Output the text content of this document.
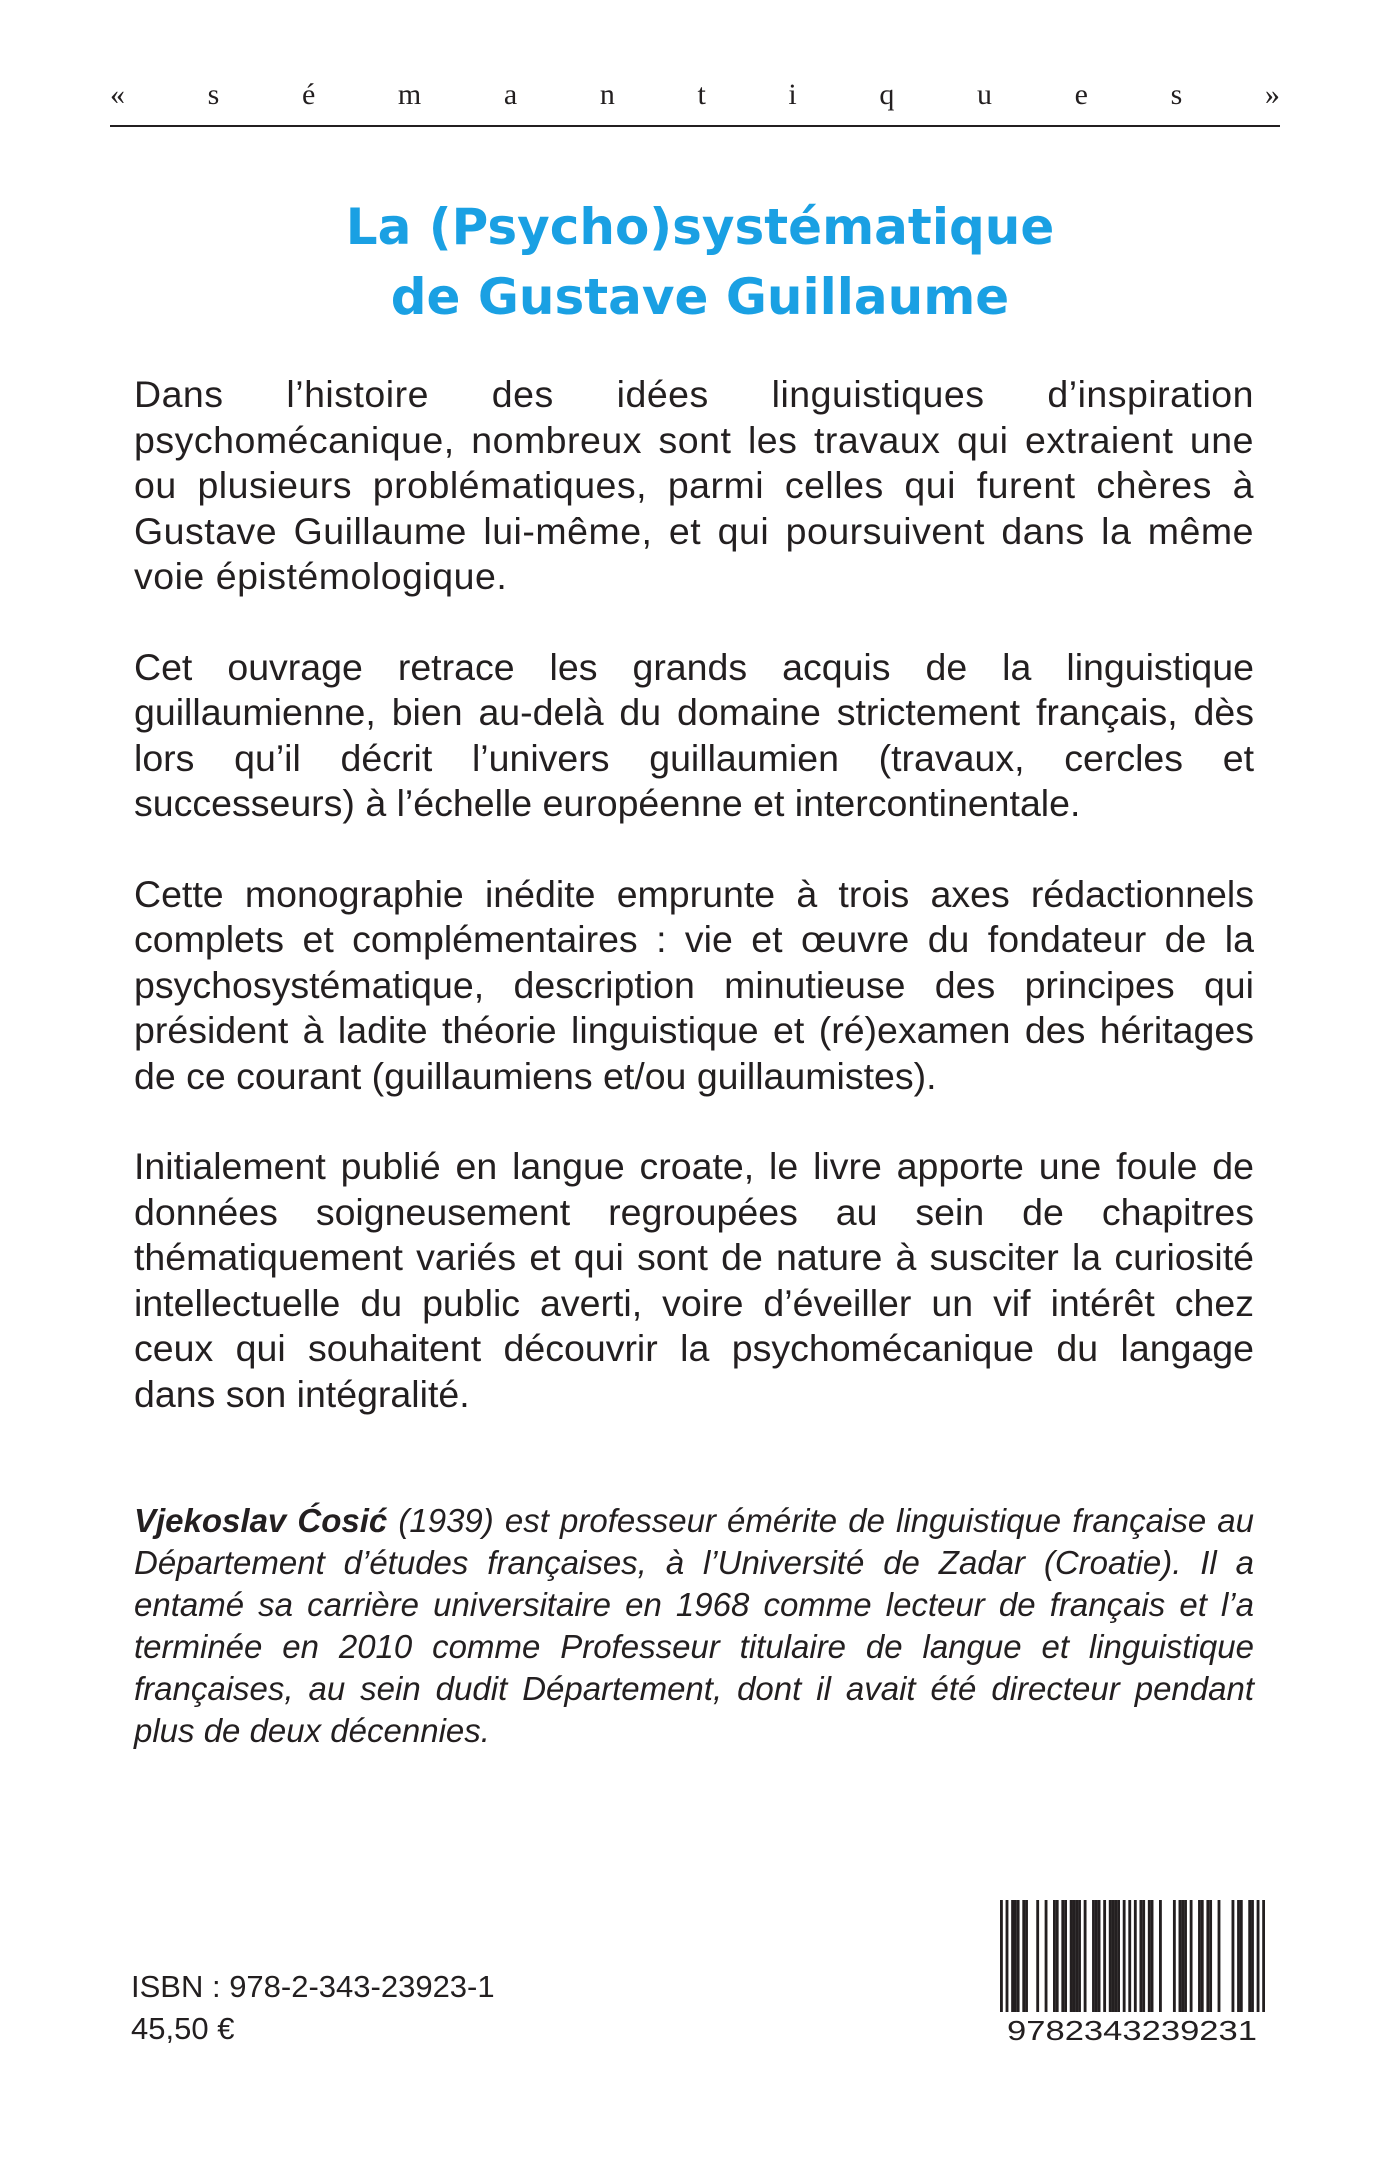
«	s	é	m	a	n	t	i	q	u	e	s	»
La (Psycho)systématique
de Gustave Guillaume

Dans l’histoire des idées linguistiques d’inspiration psychomécanique, nombreux sont les travaux qui extraient une ou plusieurs problématiques, parmi celles qui furent chères à Gustave Guillaume lui-même, et qui poursuivent dans la même voie épistémologique.

Cet ouvrage retrace les grands acquis de la linguistique guillaumienne, bien au-delà du domaine strictement français, dès lors qu’il décrit l’univers guillaumien (travaux, cercles et successeurs) à l’échelle européenne et intercontinentale.

Cette monographie inédite emprunte à trois axes rédactionnels complets et complémentaires : vie et œuvre du fondateur de la psychosystématique, description minutieuse des principes qui président à ladite théorie linguistique et (ré)examen des héritages de ce courant (guillaumiens et/ou guillaumistes).

Initialement publié en langue croate, le livre apporte une foule de données soigneusement regroupées au sein de chapitres thématiquement variés et qui sont de nature à susciter la curiosité intellectuelle du public averti, voire d’éveiller un vif intérêt chez ceux qui souhaitent découvrir la psychomécanique du langage dans son intégralité.

Vjekoslav Ćosić (1939) est professeur émérite de linguistique française au Département d’études françaises, à l’Université de Zadar (Croatie). Il a entamé sa carrière universitaire en 1968 comme lecteur de français et l’a terminée en 2010 comme Professeur titulaire de langue et linguistique françaises, au sein dudit Département, dont il avait été directeur pendant plus de deux décennies.
ISBN : 978-2-343-23923-1
45,50 €	9782343239231
